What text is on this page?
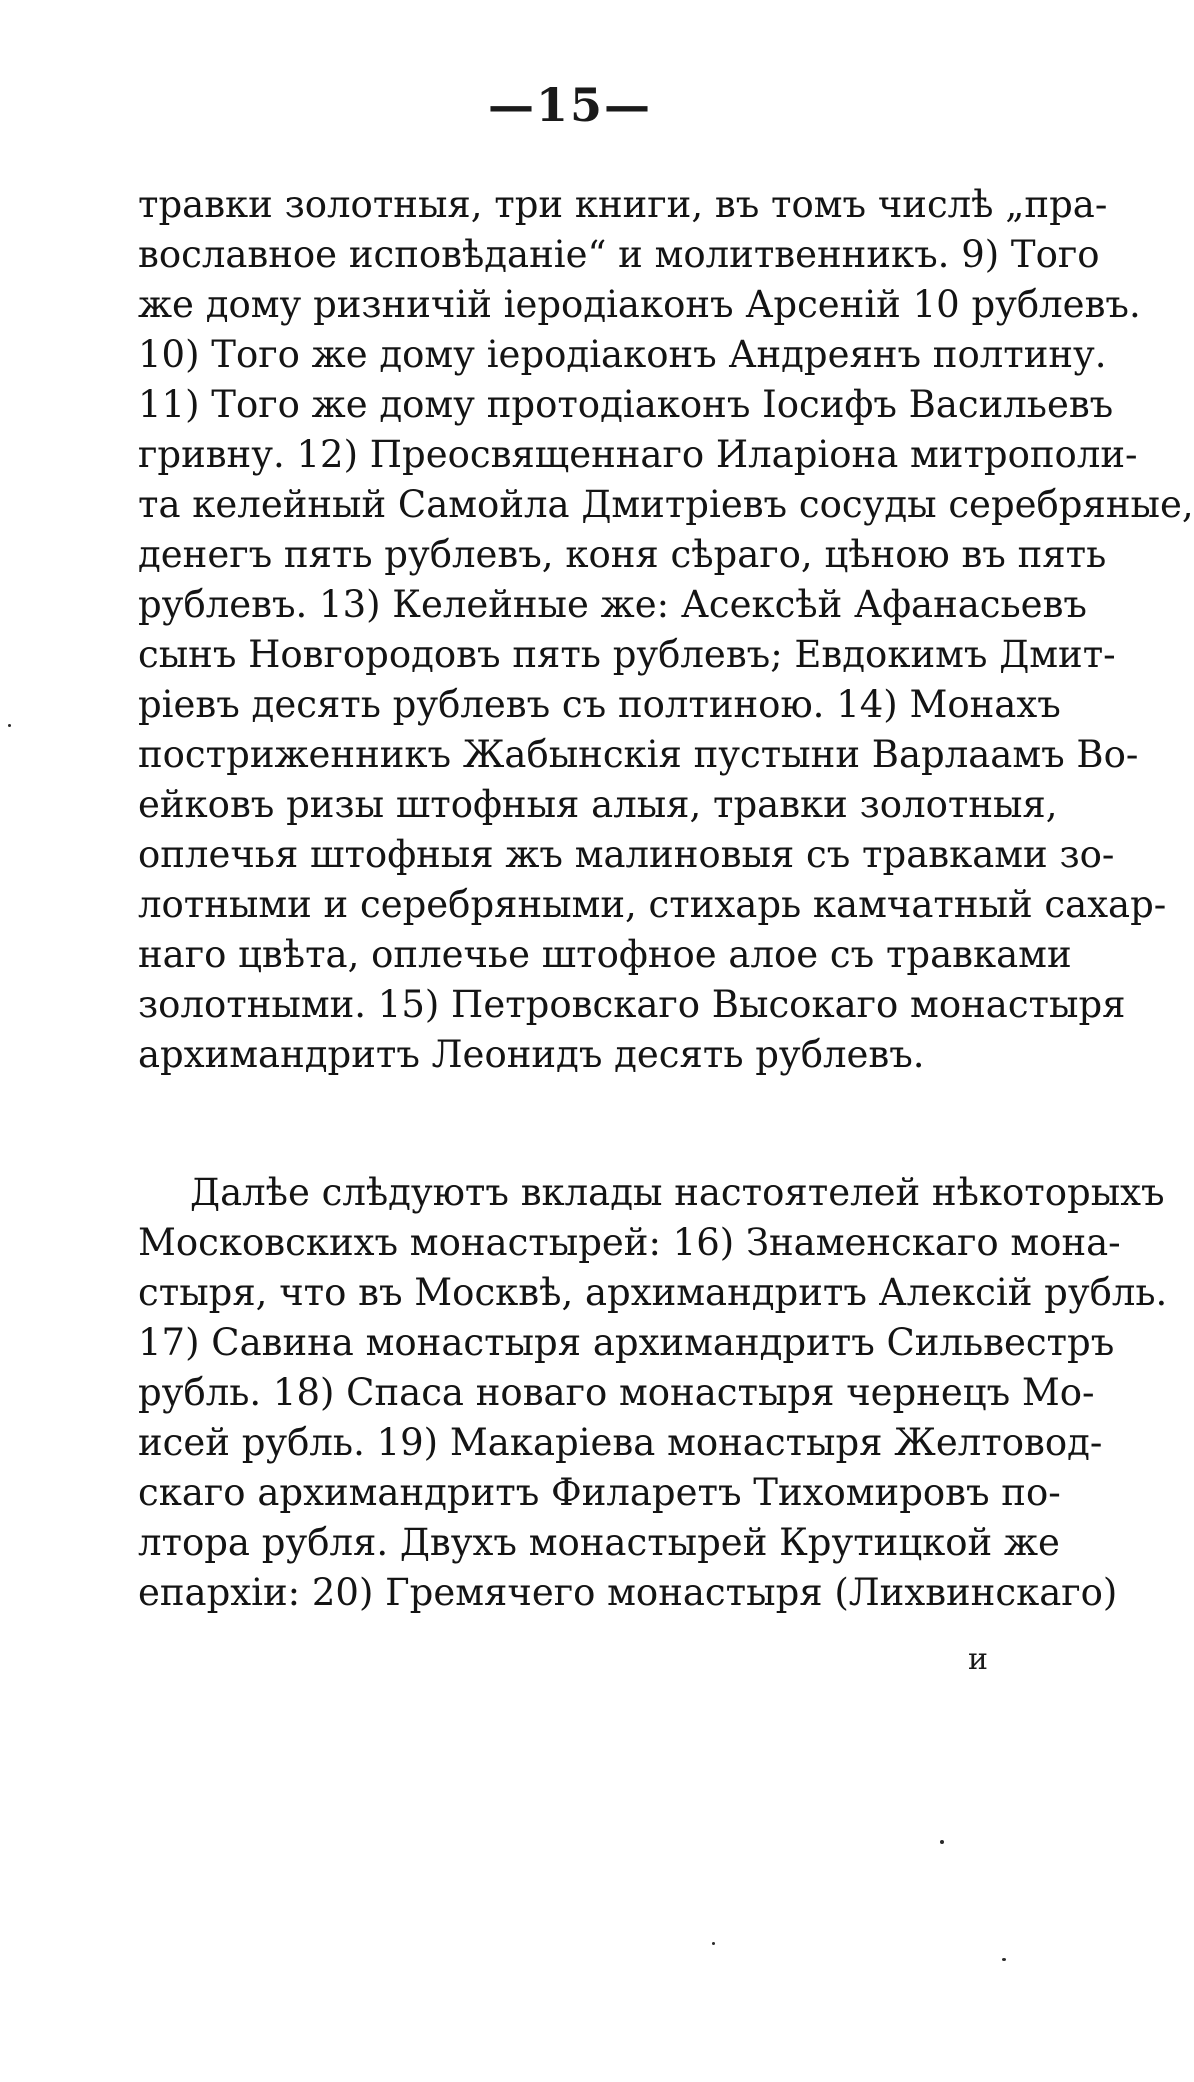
—15—
травки золотныя, три книги, въ томъ числѣ „пра-
вославное исповѣданіе“ и молитвенникъ. 9) Того
же дому ризничій іеродіаконъ Арсеній 10 рублевъ.
10) Того же дому іеродіаконъ Андреянъ полтину.
11) Того же дому протодіаконъ Іосифъ Васильевъ
гривну. 12) Преосвященнаго Иларіона митрополи-
та келейный Самойла Дмитріевъ сосуды серебряные,
денегъ пять рублевъ, коня сѣраго, цѣною въ пять
рублевъ. 13) Келейные же: Асексѣй Афанасьевъ
сынъ Новгородовъ пять рублевъ; Евдокимъ Дмит-
ріевъ десять рублевъ съ полтиною. 14) Монахъ
постриженникъ Жабынскія пустыни Варлаамъ Во-
ейковъ ризы штофныя алыя, травки золотныя,
оплечья штофныя жъ малиновыя съ травками зо-
лотными и серебряными, стихарь камчатный сахар-
наго цвѣта, оплечье штофное алое съ травками
золотными. 15) Петровскаго Высокаго монастыря
архимандритъ Леонидъ десять рублевъ.
Далѣе слѣдуютъ вклады настоятелей нѣкоторыхъ
Московскихъ монастырей: 16) Знаменскаго мона-
стыря, что въ Москвѣ, архимандритъ Алексій рубль.
17) Савина монастыря архимандритъ Сильвестръ
рубль. 18) Спаса новаго монастыря чернецъ Мо-
исей рубль. 19) Макаріева монастыря Желтовод-
скаго архимандритъ Филаретъ Тихомировъ по-
лтора рубля. Двухъ монастырей Крутицкой же
епархіи: 20) Гремячего монастыря (Лихвинскаго)
и
